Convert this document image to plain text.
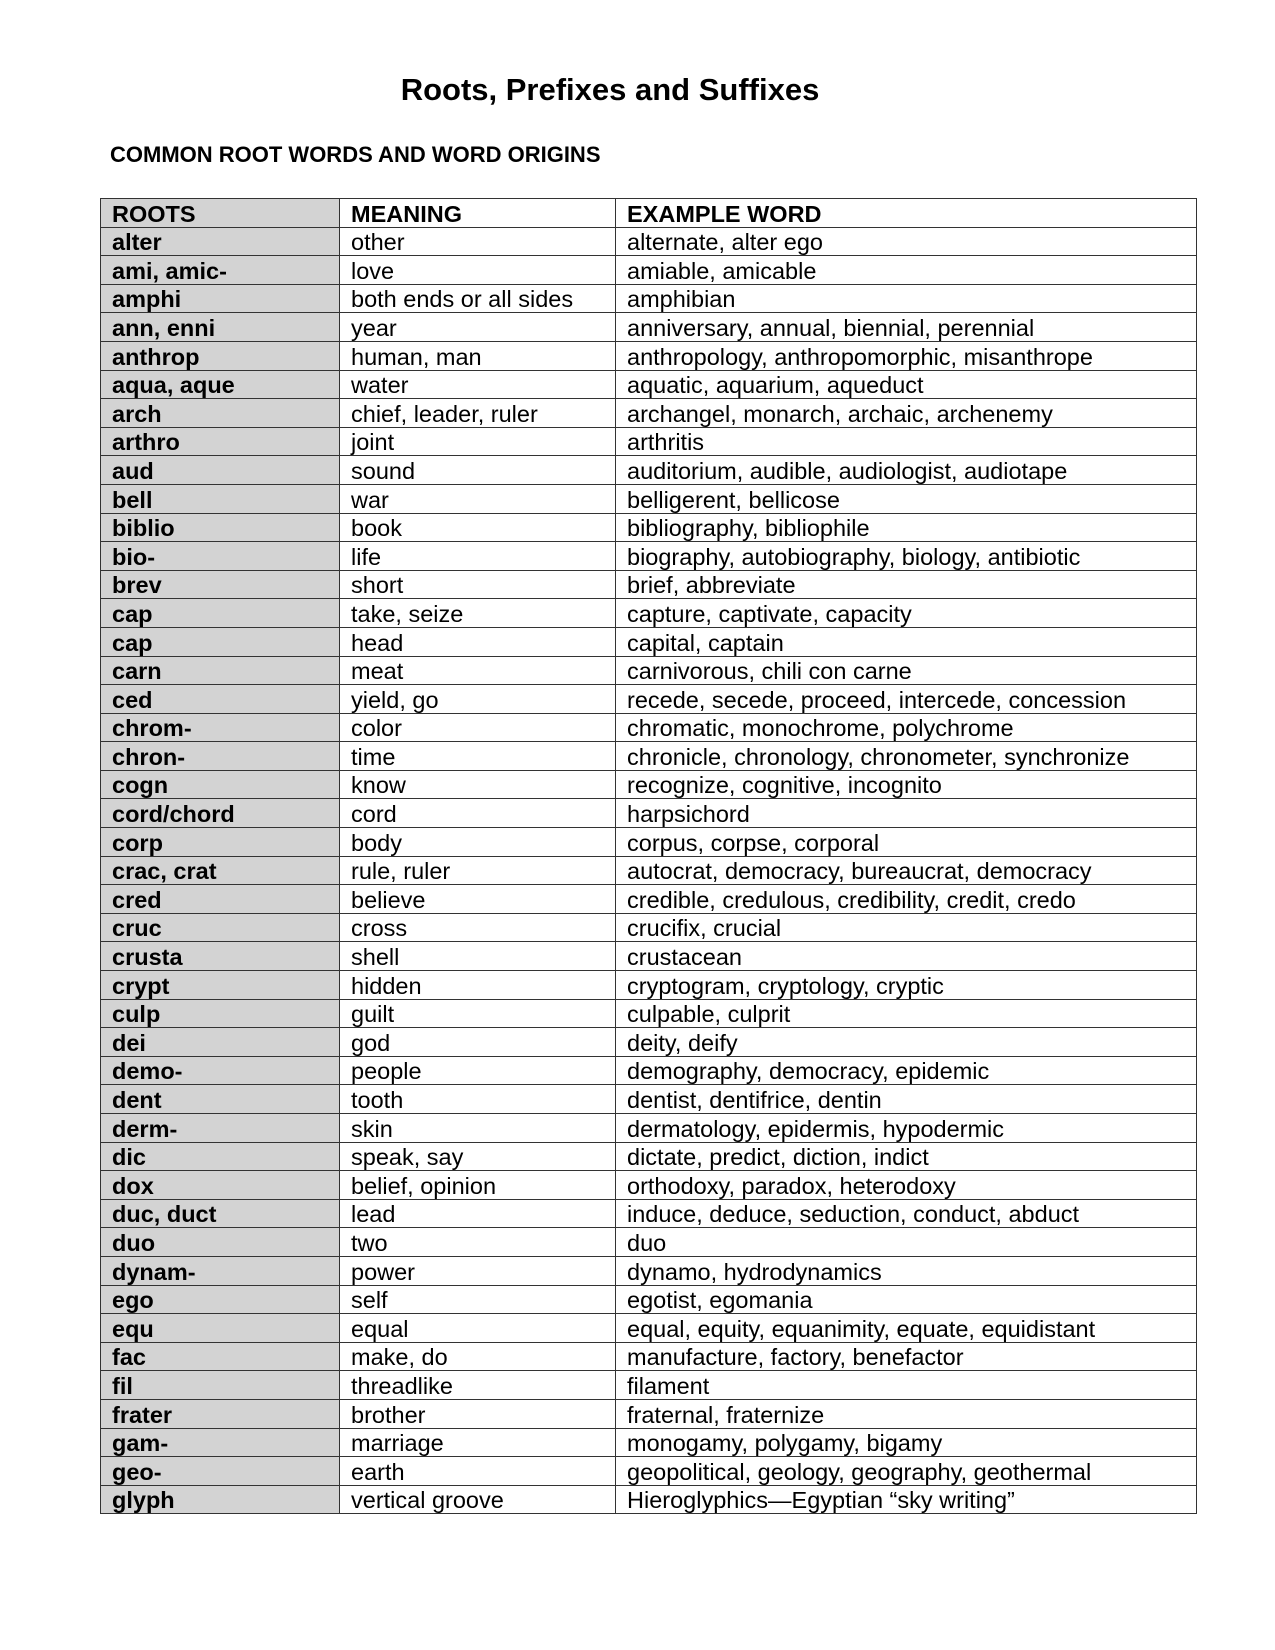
Roots, Prefixes and Suffixes
COMMON ROOT WORDS AND WORD ORIGINS
ROOTS	MEANING	EXAMPLE WORD
alter	other	alternate, alter ego
ami, amic-	love	amiable, amicable
amphi	both ends or all sides	amphibian
ann, enni	year	anniversary, annual, biennial, perennial
anthrop	human, man	anthropology, anthropomorphic, misanthrope
aqua, aque	water	aquatic, aquarium, aqueduct
arch	chief, leader, ruler	archangel, monarch, archaic, archenemy
arthro	joint	arthritis
aud	sound	auditorium, audible, audiologist, audiotape
bell	war	belligerent, bellicose
biblio	book	bibliography, bibliophile
bio-	life	biography, autobiography, biology, antibiotic
brev	short	brief, abbreviate
cap	take, seize	capture, captivate, capacity
cap	head	capital, captain
carn	meat	carnivorous, chili con carne
ced	yield, go	recede, secede, proceed, intercede, concession
chrom-	color	chromatic, monochrome, polychrome
chron-	time	chronicle, chronology, chronometer, synchronize
cogn	know	recognize, cognitive, incognito
cord/chord	cord	harpsichord
corp	body	corpus, corpse, corporal
crac, crat	rule, ruler	autocrat, democracy, bureaucrat, democracy
cred	believe	credible, credulous, credibility, credit, credo
cruc	cross	crucifix, crucial
crusta	shell	crustacean
crypt	hidden	cryptogram, cryptology, cryptic
culp	guilt	culpable, culprit
dei	god	deity, deify
demo-	people	demography, democracy, epidemic
dent	tooth	dentist, dentifrice, dentin
derm-	skin	dermatology, epidermis, hypodermic
dic	speak, say	dictate, predict, diction, indict
dox	belief, opinion	orthodoxy, paradox, heterodoxy
duc, duct	lead	induce, deduce, seduction, conduct, abduct
duo	two	duo
dynam-	power	dynamo, hydrodynamics
ego	self	egotist, egomania
equ	equal	equal, equity, equanimity, equate, equidistant
fac	make, do	manufacture, factory, benefactor
fil	threadlike	filament
frater	brother	fraternal, fraternize
gam-	marriage	monogamy, polygamy, bigamy
geo-	earth	geopolitical, geology, geography, geothermal
glyph	vertical groove	Hieroglyphics—Egyptian “sky writing”
